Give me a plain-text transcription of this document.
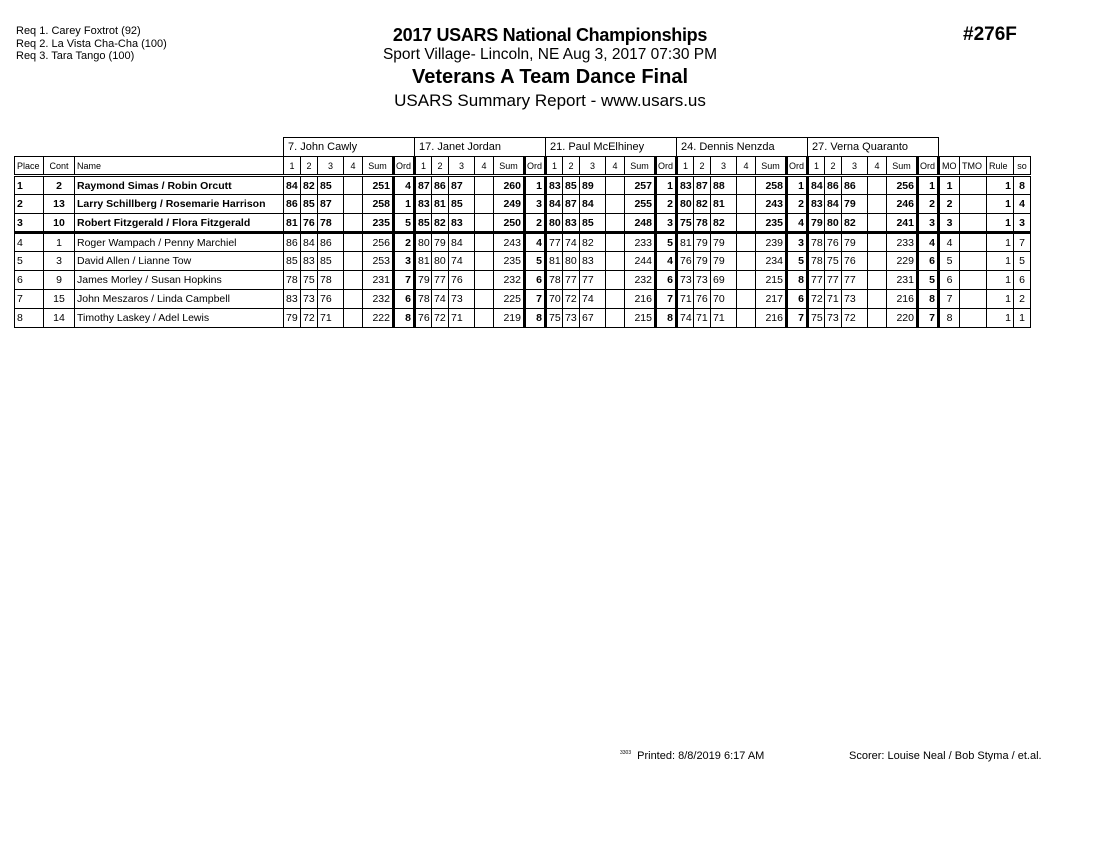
Req 1. Carey Foxtrot (92)
Req 2. La Vista Cha-Cha (100)
Req 3. Tara Tango (100)
2017 USARS National Championships
Sport Village- Lincoln, NE Aug 3, 2017 07:30 PM
Veterans A Team Dance Final
USARS Summary Report - www.usars.us
#276F
7. John Cawly	17. Janet Jordan	21. Paul McElhiney	24. Dennis Nenzda	27. Verna Quaranto
Place	Cont	Name	1	2	3	4	Sum	Ord	1	2	3	4	Sum	Ord	1	2	3	4	Sum	Ord	1	2	3	4	Sum	Ord	1	2	3	4	Sum	Ord	MO	TMO	Rule	so
1	2	Raymond Simas / Robin Orcutt	84	82	85		251	4	87	86	87		260	1	83	85	89		257	1	83	87	88		258	1	84	86	86		256	1	1		1	8
2	13	Larry Schillberg / Rosemarie Harrison	86	85	87		258	1	83	81	85		249	3	84	87	84		255	2	80	82	81		243	2	83	84	79		246	2	2		1	4
3	10	Robert Fitzgerald / Flora Fitzgerald	81	76	78		235	5	85	82	83		250	2	80	83	85		248	3	75	78	82		235	4	79	80	82		241	3	3		1	3
4	1	Roger Wampach / Penny Marchiel	86	84	86		256	2	80	79	84		243	4	77	74	82		233	5	81	79	79		239	3	78	76	79		233	4	4		1	7
5	3	David Allen / Lianne Tow	85	83	85		253	3	81	80	74		235	5	81	80	83		244	4	76	79	79		234	5	78	75	76		229	6	5		1	5
6	9	James Morley / Susan Hopkins	78	75	78		231	7	79	77	76		232	6	78	77	77		232	6	73	73	69		215	8	77	77	77		231	5	6		1	6
7	15	John Meszaros / Linda Campbell	83	73	76		232	6	78	74	73		225	7	70	72	74		216	7	71	76	70		217	6	72	71	73		216	8	7		1	2
8	14	Timothy Laskey / Adel Lewis	79	72	71		222	8	76	72	71		219	8	75	73	67		215	8	74	71	71		216	7	75	73	72		220	7	8		1	1
$^{3303}$ Printed: 8/8/2019 6:17 AM	Scorer: Louise Neal / Bob Styma / et.al.
